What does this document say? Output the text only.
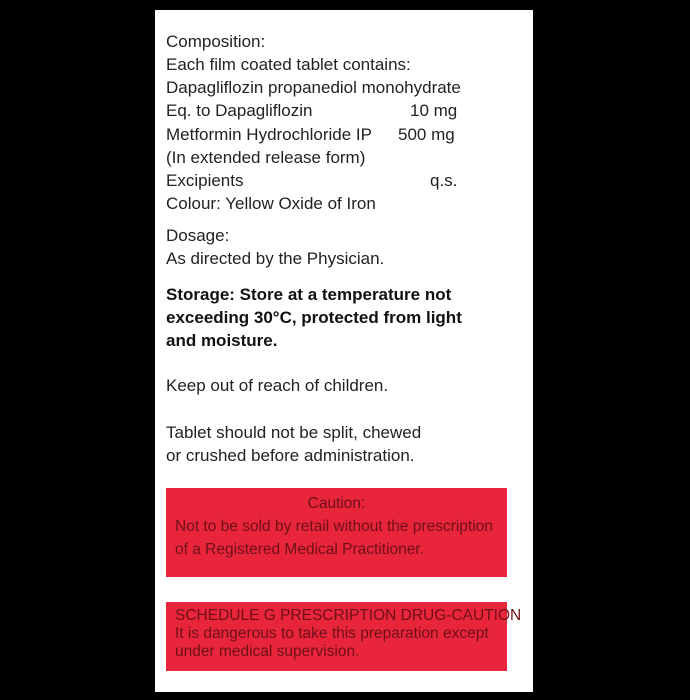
Composition:
Each film coated tablet contains:
Dapagliflozin propanediol monohydrate
Eq. to Dapagliflozin	10 mg
Metformin Hydrochloride IP 500 mg
(In extended release form)
Excipients	q.s.
Colour: Yellow Oxide of Iron
Dosage:
As directed by the Physician.
Storage: Store at a temperature not
exceeding 30°C, protected from light
and moisture.
Keep out of reach of children.
Tablet should not be split, chewed
or crushed before administration.
Caution:
Not to be sold by retail without the prescription
of a Registered Medical Practitioner.
SCHEDULE G PRESCRIPTION DRUG-CAUTION
It is dangerous to take this preparation except
under medical supervision.
